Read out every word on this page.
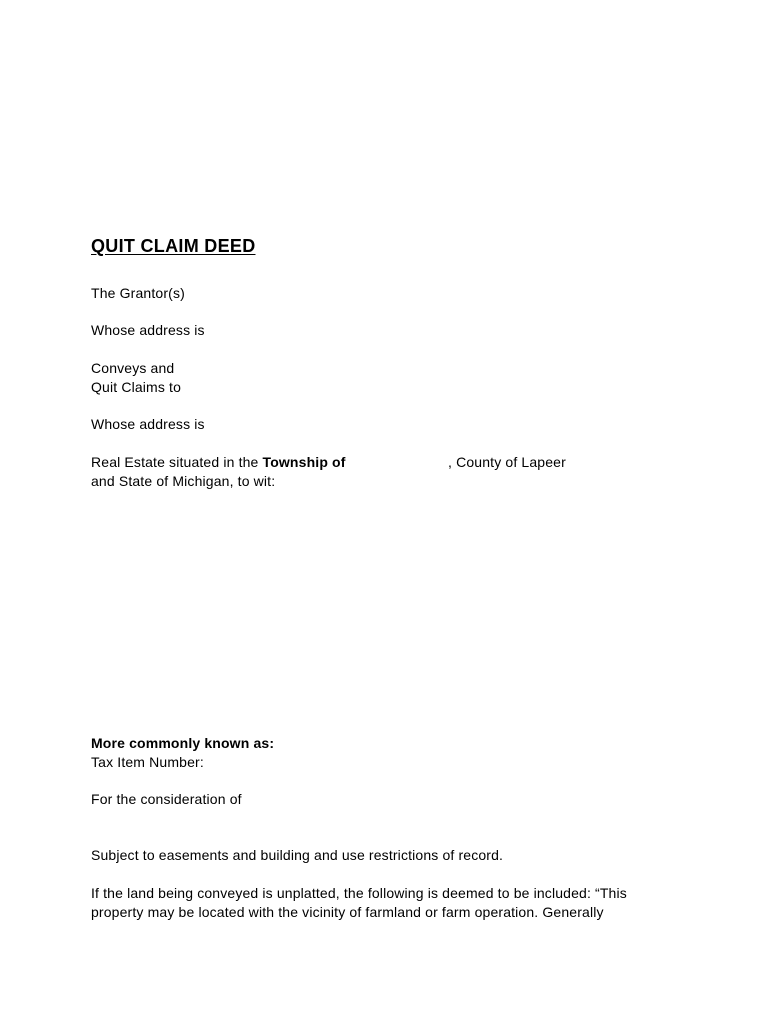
QUIT CLAIM DEED
The Grantor(s)
Whose address is
Conveys and
Quit Claims to
Whose address is
Real Estate situated in the Township of	, County of Lapeer
and State of Michigan, to wit:
More commonly known as:
Tax Item Number:
For the consideration of
Subject to easements and building and use restrictions of record.
If the land being conveyed is unplatted, the following is deemed to be included: “This
property may be located with the vicinity of farmland or farm operation. Generally
